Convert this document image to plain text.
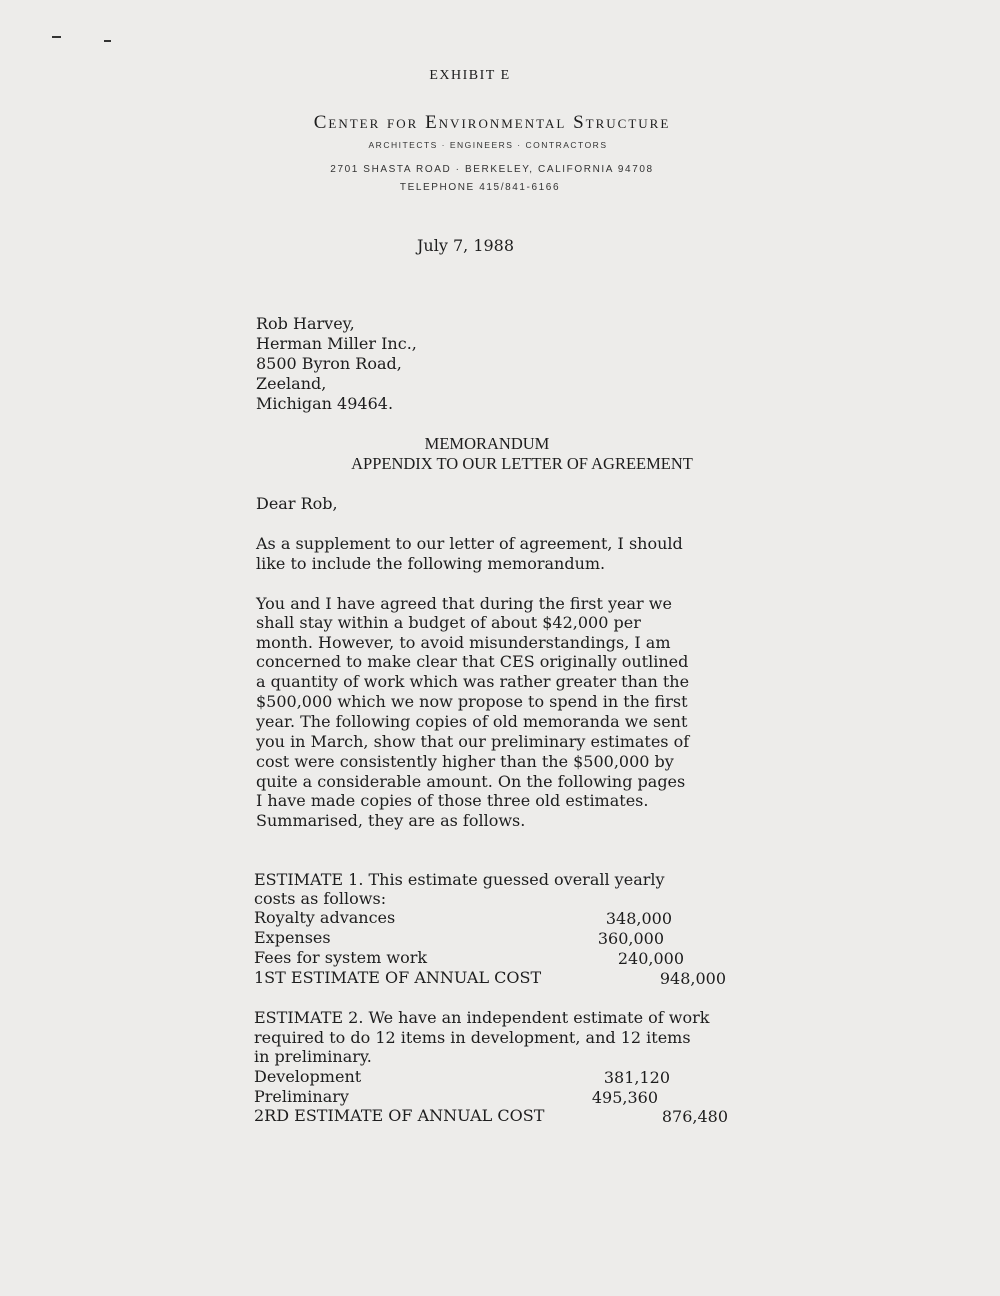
EXHIBIT E
Center for Environmental Structure
ARCHITECTS · ENGINEERS · CONTRACTORS
2701 SHASTA ROAD · BERKELEY, CALIFORNIA 94708
TELEPHONE 415/841-6166
July 7, 1988
Rob Harvey,
Herman Miller Inc.,
8500 Byron Road,
Zeeland,
Michigan 49464.
MEMORANDUM
APPENDIX TO OUR LETTER OF AGREEMENT
Dear Rob,
As a supplement to our letter of agreement, I should
like to include the following memorandum.
You and I have agreed that during the first year we
shall stay within a budget of about $42,000 per
month. However, to avoid misunderstandings, I am
concerned to make clear that CES originally outlined
a quantity of work which was rather greater than the
$500,000 which we now propose to spend in the first
year. The following copies of old memoranda we sent
you in March, show that our preliminary estimates of
cost were consistently higher than the $500,000 by
quite a considerable amount. On the following pages
I have made copies of those three old estimates.
Summarised, they are as follows.
ESTIMATE 1. This estimate guessed overall yearly
costs as follows:
Royalty advances	348,000
Expenses	360,000
Fees for system work	240,000
1ST ESTIMATE OF ANNUAL COST	948,000
ESTIMATE 2. We have an independent estimate of work
required to do 12 items in development, and 12 items
in preliminary.
Development	381,120
Preliminary	495,360
2RD ESTIMATE OF ANNUAL COST	876,480
